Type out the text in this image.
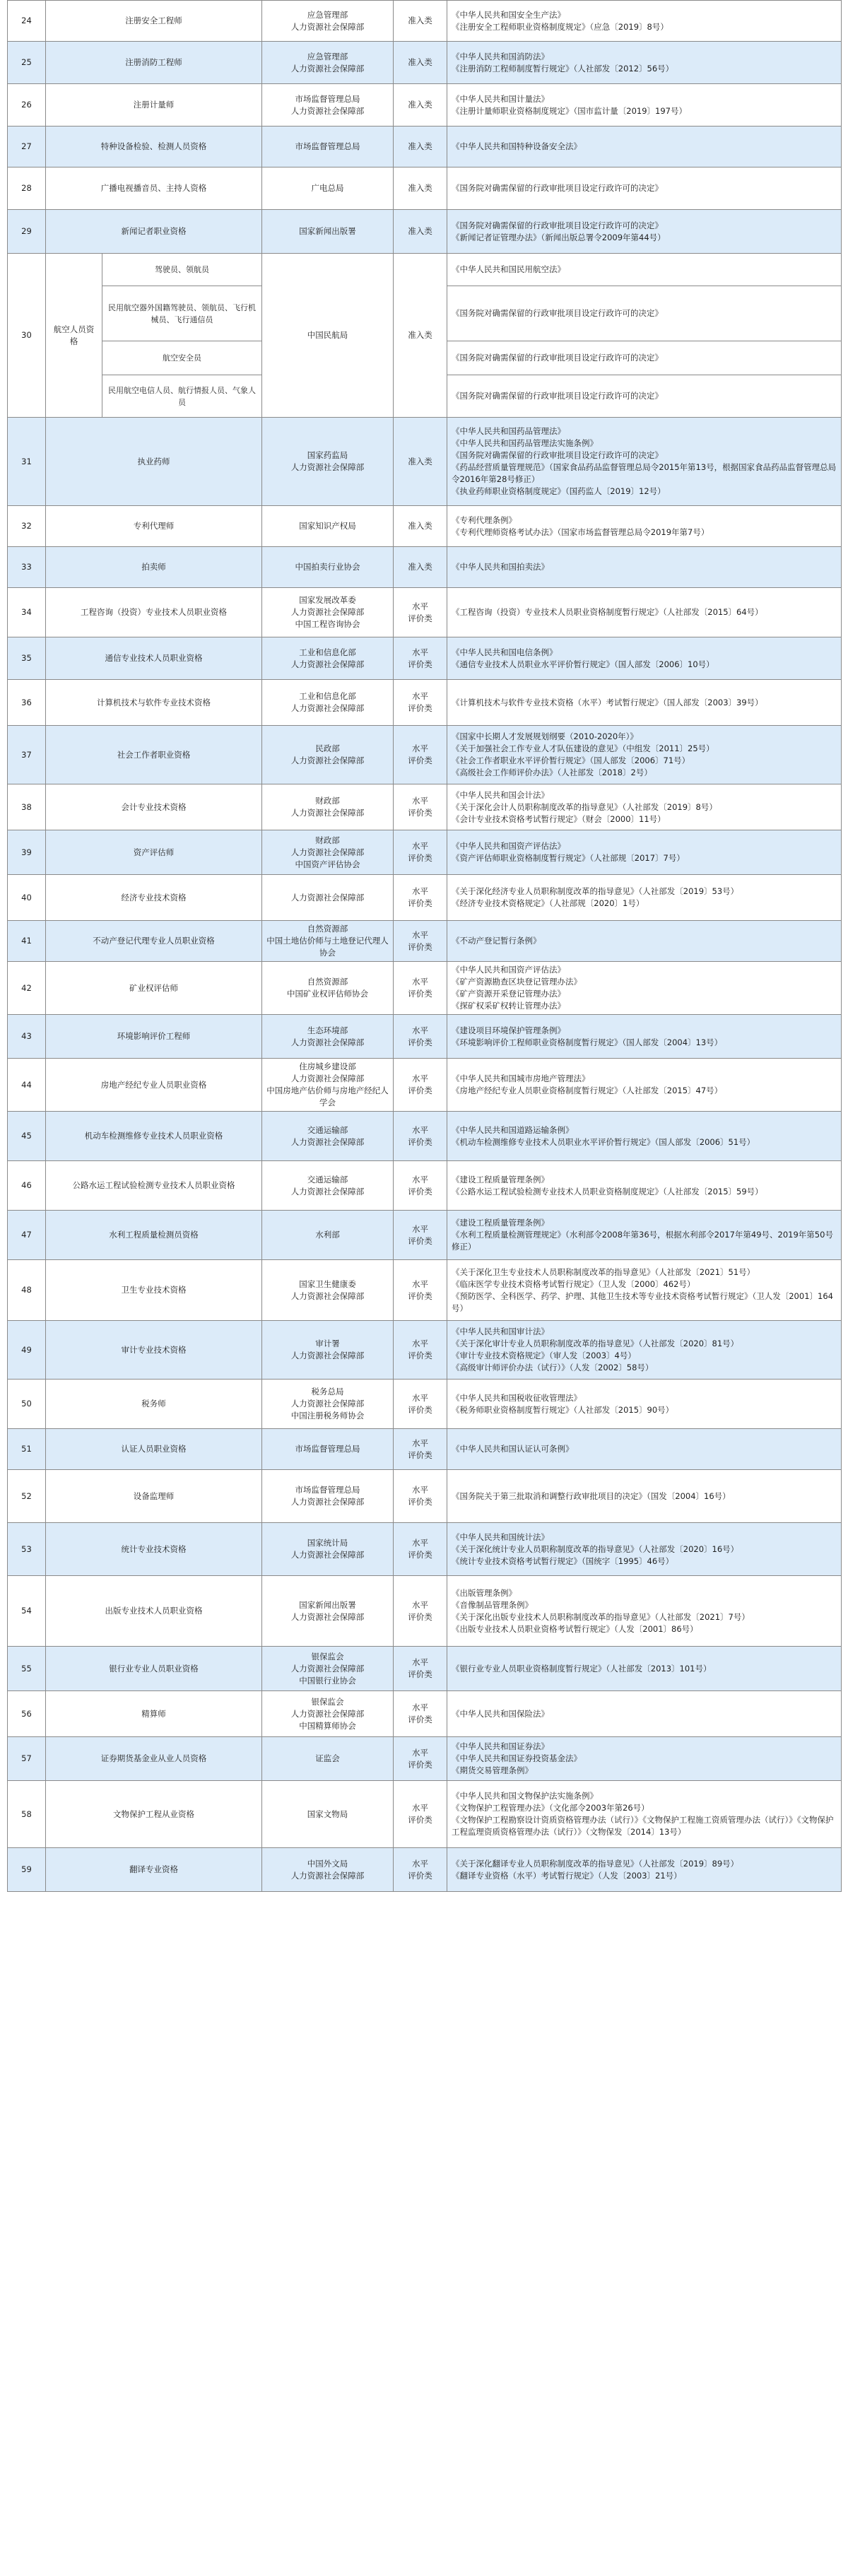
24	注册安全工程师		应急管理部
人力资源社会保障部	准入类	《中华人民共和国安全生产法》
《注册安全工程师职业资格制度规定》（应急〔2019〕8号）

25	注册消防工程师		应急管理部
人力资源社会保障部	准入类	《中华人民共和国消防法》
《注册消防工程师制度暂行规定》（人社部发〔2012〕56号）

26	注册计量师		市场监督管理总局
人力资源社会保障部	准入类	《中华人民共和国计量法》
《注册计量师职业资格制度规定》（国市监计量〔2019〕197号）

27	特种设备检验、检测人员资格		市场监督管理总局	准入类	《中华人民共和国特种设备安全法》

28	广播电视播音员、主持人资格		广电总局	准入类	《国务院对确需保留的行政审批项目设定行政许可的决定》

29	新闻记者职业资格		国家新闻出版署	准入类	《国务院对确需保留的行政审批项目设定行政许可的决定》
《新闻记者证管理办法》（新闻出版总署令2009年第44号）

30	航空人员资格	驾驶员、领航员	中国民航局	准入类	《中华人民共和国民用航空法》

		民用航空器外国籍驾驶员、领航员、飞行机械员、飞行通信员			《国务院对确需保留的行政审批项目设定行政许可的决定》

		航空安全员			《国务院对确需保留的行政审批项目设定行政许可的决定》

		民用航空电信人员、航行情报人员、气象人员			《国务院对确需保留的行政审批项目设定行政许可的决定》

31	执业药师		国家药监局
人力资源社会保障部	准入类	《中华人民共和国药品管理法》
《中华人民共和国药品管理法实施条例》
《国务院对确需保留的行政审批项目设定行政许可的决定》
《药品经营质量管理规范》（国家食品药品监督管理总局令2015年第13号，根据国家食品药品监督管理总局令2016年第28号修正）
《执业药师职业资格制度规定》（国药监人〔2019〕12号）

32	专利代理师		国家知识产权局	准入类	《专利代理条例》
《专利代理师资格考试办法》（国家市场监督管理总局令2019年第7号）

33	拍卖师		中国拍卖行业协会	准入类	《中华人民共和国拍卖法》

34	工程咨询（投资）专业技术人员职业资格		国家发展改革委
人力资源社会保障部
中国工程咨询协会	水平
评价类	《工程咨询（投资）专业技术人员职业资格制度暂行规定》（人社部发〔2015〕64号）

35	通信专业技术人员职业资格		工业和信息化部
人力资源社会保障部	水平
评价类	《中华人民共和国电信条例》
《通信专业技术人员职业水平评价暂行规定》（国人部发〔2006〕10号）

36	计算机技术与软件专业技术资格		工业和信息化部
人力资源社会保障部	水平
评价类	《计算机技术与软件专业技术资格（水平）考试暂行规定》（国人部发〔2003〕39号）

37	社会工作者职业资格		民政部
人力资源社会保障部	水平
评价类	《国家中长期人才发展规划纲要（2010-2020年）》
《关于加强社会工作专业人才队伍建设的意见》（中组发〔2011〕25号）
《社会工作者职业水平评价暂行规定》（国人部发〔2006〕71号）
《高级社会工作师评价办法》（人社部发〔2018〕2号）

38	会计专业技术资格		财政部
人力资源社会保障部	水平
评价类	《中华人民共和国会计法》
《关于深化会计人员职称制度改革的指导意见》（人社部发〔2019〕8号）
《会计专业技术资格考试暂行规定》（财会〔2000〕11号）

39	资产评估师		财政部
人力资源社会保障部
中国资产评估协会	水平
评价类	《中华人民共和国资产评估法》
《资产评估师职业资格制度暂行规定》（人社部规〔2017〕7号）

40	经济专业技术资格		人力资源社会保障部	水平
评价类	《关于深化经济专业人员职称制度改革的指导意见》（人社部发〔2019〕53号）
《经济专业技术资格规定》（人社部规〔2020〕1号）

41	不动产登记代理专业人员职业资格		自然资源部
中国土地估价师与土地登记代理人协会	水平
评价类	《不动产登记暂行条例》

42	矿业权评估师		自然资源部
中国矿业权评估师协会	水平
评价类	《中华人民共和国资产评估法》
《矿产资源勘查区块登记管理办法》
《矿产资源开采登记管理办法》
《探矿权采矿权转让管理办法》

43	环境影响评价工程师		生态环境部
人力资源社会保障部	水平
评价类	《建设项目环境保护管理条例》
《环境影响评价工程师职业资格制度暂行规定》（国人部发〔2004〕13号）

44	房地产经纪专业人员职业资格		住房城乡建设部
人力资源社会保障部
中国房地产估价师与房地产经纪人学会	水平
评价类	《中华人民共和国城市房地产管理法》
《房地产经纪专业人员职业资格制度暂行规定》（人社部发〔2015〕47号）

45	机动车检测维修专业技术人员职业资格		交通运输部
人力资源社会保障部	水平
评价类	《中华人民共和国道路运输条例》
《机动车检测维修专业技术人员职业水平评价暂行规定》（国人部发〔2006〕51号）

46	公路水运工程试验检测专业技术人员职业资格		交通运输部
人力资源社会保障部	水平
评价类	《建设工程质量管理条例》
《公路水运工程试验检测专业技术人员职业资格制度规定》（人社部发〔2015〕59号）

47	水利工程质量检测员资格		水利部	水平
评价类	《建设工程质量管理条例》
《水利工程质量检测管理规定》（水利部令2008年第36号，根据水利部令2017年第49号、2019年第50号修正）

48	卫生专业技术资格		国家卫生健康委
人力资源社会保障部	水平
评价类	《关于深化卫生专业技术人员职称制度改革的指导意见》（人社部发〔2021〕51号）
《临床医学专业技术资格考试暂行规定》（卫人发〔2000〕462号）
《预防医学、全科医学、药学、护理、其他卫生技术等专业技术资格考试暂行规定》（卫人发〔2001〕164号）

49	审计专业技术资格		审计署
人力资源社会保障部	水平
评价类	《中华人民共和国审计法》
《关于深化审计专业人员职称制度改革的指导意见》（人社部发〔2020〕81号）
《审计专业技术资格规定》（审人发〔2003〕4号）
《高级审计师评价办法（试行）》（人发〔2002〕58号）

50	税务师		税务总局
人力资源社会保障部
中国注册税务师协会	水平
评价类	《中华人民共和国税收征收管理法》
《税务师职业资格制度暂行规定》（人社部发〔2015〕90号）

51	认证人员职业资格		市场监督管理总局	水平
评价类	《中华人民共和国认证认可条例》

52	设备监理师		市场监督管理总局
人力资源社会保障部	水平
评价类	《国务院关于第三批取消和调整行政审批项目的决定》（国发〔2004〕16号）

53	统计专业技术资格		国家统计局
人力资源社会保障部	水平
评价类	《中华人民共和国统计法》
《关于深化统计专业人员职称制度改革的指导意见》（人社部发〔2020〕16号）
《统计专业技术资格考试暂行规定》（国统字〔1995〕46号）

54	出版专业技术人员职业资格		国家新闻出版署
人力资源社会保障部	水平
评价类	《出版管理条例》
《音像制品管理条例》
《关于深化出版专业技术人员职称制度改革的指导意见》（人社部发〔2021〕7号）
《出版专业技术人员职业资格考试暂行规定》（人发〔2001〕86号）

55	银行业专业人员职业资格		银保监会
人力资源社会保障部
中国银行业协会	水平
评价类	《银行业专业人员职业资格制度暂行规定》（人社部发〔2013〕101号）

56	精算师		银保监会
人力资源社会保障部
中国精算师协会	水平
评价类	《中华人民共和国保险法》

57	证券期货基金业从业人员资格		证监会	水平
评价类	《中华人民共和国证券法》
《中华人民共和国证券投资基金法》
《期货交易管理条例》

58	文物保护工程从业资格		国家文物局	水平
评价类	《中华人民共和国文物保护法实施条例》
《文物保护工程管理办法》（文化部令2003年第26号）
《文物保护工程勘察设计资质资格管理办法（试行）》《文物保护工程施工资质管理办法（试行）》《文物保护工程监理资质资格管理办法（试行）》（文物保发〔2014〕13号）

59	翻译专业资格		中国外文局
人力资源社会保障部	水平
评价类	《关于深化翻译专业人员职称制度改革的指导意见》（人社部发〔2019〕89号）
《翻译专业资格（水平）考试暂行规定》（人发〔2003〕21号）
